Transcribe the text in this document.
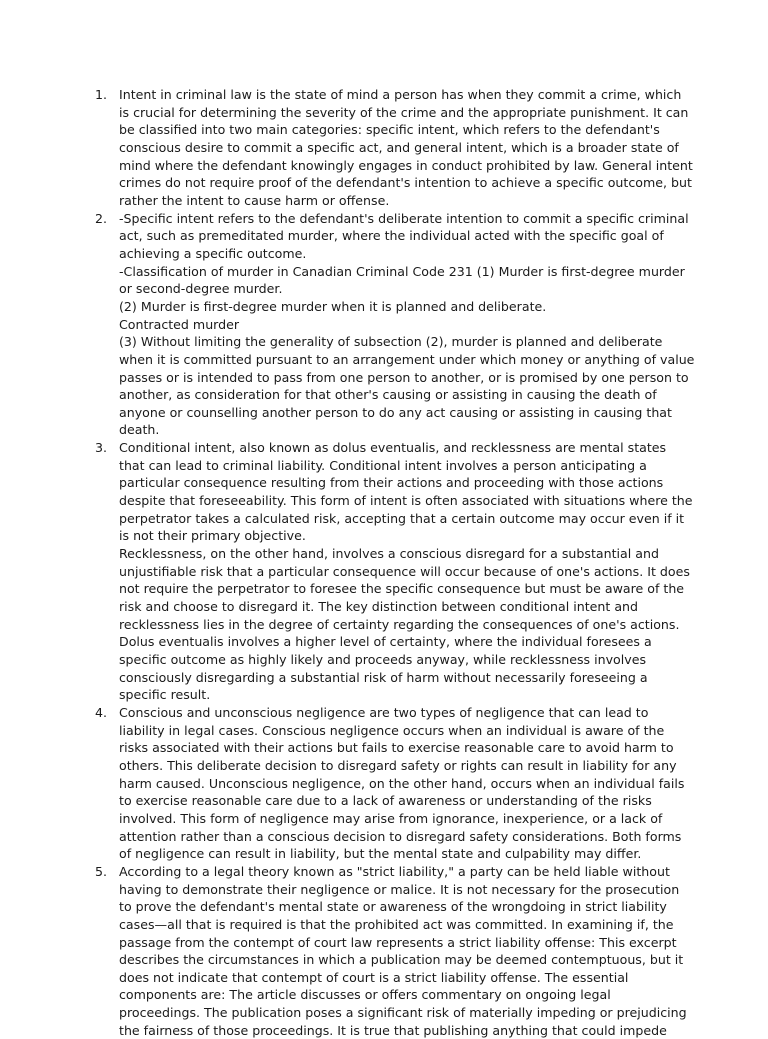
1. Intent in criminal law is the state of mind a person has when they commit a crime, which is crucial for determining the severity of the crime and the appropriate punishment. It can be classified into two main categories: specific intent, which refers to the defendant's conscious desire to commit a specific act, and general intent, which is a broader state of mind where the defendant knowingly engages in conduct prohibited by law. General intent crimes do not require proof of the defendant's intention to achieve a specific outcome, but rather the intent to cause harm or offense.

2. -Specific intent refers to the defendant's deliberate intention to commit a specific criminal act, such as premeditated murder, where the individual acted with the specific goal of achieving a specific outcome.

-Classification of murder in Canadian Criminal Code 231 (1) Murder is first-degree murder or second-degree murder.

(2) Murder is first-degree murder when it is planned and deliberate.

Contracted murder

(3) Without limiting the generality of subsection (2), murder is planned and deliberate when it is committed pursuant to an arrangement under which money or anything of value passes or is intended to pass from one person to another, or is promised by one person to another, as consideration for that other's causing or assisting in causing the death of anyone or counselling another person to do any act causing or assisting in causing that death.

3. Conditional intent, also known as dolus eventualis, and recklessness are mental states that can lead to criminal liability. Conditional intent involves a person anticipating a particular consequence resulting from their actions and proceeding with those actions despite that foreseeability. This form of intent is often associated with situations where the perpetrator takes a calculated risk, accepting that a certain outcome may occur even if it is not their primary objective.

Recklessness, on the other hand, involves a conscious disregard for a substantial and unjustifiable risk that a particular consequence will occur because of one's actions. It does not require the perpetrator to foresee the specific consequence but must be aware of the risk and choose to disregard it. The key distinction between conditional intent and recklessness lies in the degree of certainty regarding the consequences of one's actions. Dolus eventualis involves a higher level of certainty, where the individual foresees a specific outcome as highly likely and proceeds anyway, while recklessness involves consciously disregarding a substantial risk of harm without necessarily foreseeing a specific result.

4. Conscious and unconscious negligence are two types of negligence that can lead to liability in legal cases. Conscious negligence occurs when an individual is aware of the risks associated with their actions but fails to exercise reasonable care to avoid harm to others. This deliberate decision to disregard safety or rights can result in liability for any harm caused. Unconscious negligence, on the other hand, occurs when an individual fails to exercise reasonable care due to a lack of awareness or understanding of the risks involved. This form of negligence may arise from ignorance, inexperience, or a lack of attention rather than a conscious decision to disregard safety considerations. Both forms of negligence can result in liability, but the mental state and culpability may differ.

5. According to a legal theory known as "strict liability," a party can be held liable without having to demonstrate their negligence or malice. It is not necessary for the prosecution to prove the defendant's mental state or awareness of the wrongdoing in strict liability cases—all that is required is that the prohibited act was committed. In examining if, the passage from the contempt of court law represents a strict liability offense: This excerpt describes the circumstances in which a publication may be deemed contemptuous, but it does not indicate that contempt of court is a strict liability offense. The essential components are: The article discusses or offers commentary on ongoing legal proceedings. The publication poses a significant risk of materially impeding or prejudicing the fairness of those proceedings. It is true that publishing anything that could impede
